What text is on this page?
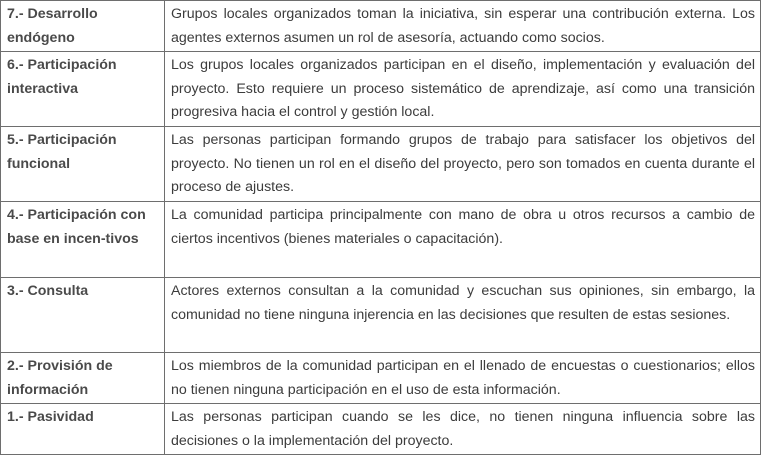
7.- Desarrollo endógeno	Grupos locales organizados toman la iniciativa, sin esperar una contribución externa. Los agentes externos asumen un rol de asesoría, actuando como socios.
6.- Participación interactiva	Los grupos locales organizados participan en el diseño, implementación y evaluación del proyecto. Esto requiere un proceso sistemático de aprendizaje, así como una transición progresiva hacia el control y gestión local.
5.- Participación funcional	Las personas participan formando grupos de trabajo para satisfacer los objetivos del proyecto. No tienen un rol en el diseño del proyecto, pero son tomados en cuenta durante el proceso de ajustes.
4.- Participación con base en incen-tivos	La comunidad participa principalmente con mano de obra u otros recursos a cambio de ciertos incentivos (bienes materiales o capacitación).
3.- Consulta	Actores externos consultan a la comunidad y escuchan sus opiniones, sin embargo, la comunidad no tiene ninguna injerencia en las decisiones que resulten de estas sesiones.
2.- Provisión de información	Los miembros de la comunidad participan en el llenado de encuestas o cuestionarios; ellos no tienen ninguna participación en el uso de esta información.
1.- Pasividad	Las personas participan cuando se les dice, no tienen ninguna influencia sobre las decisiones o la implementación del proyecto.
